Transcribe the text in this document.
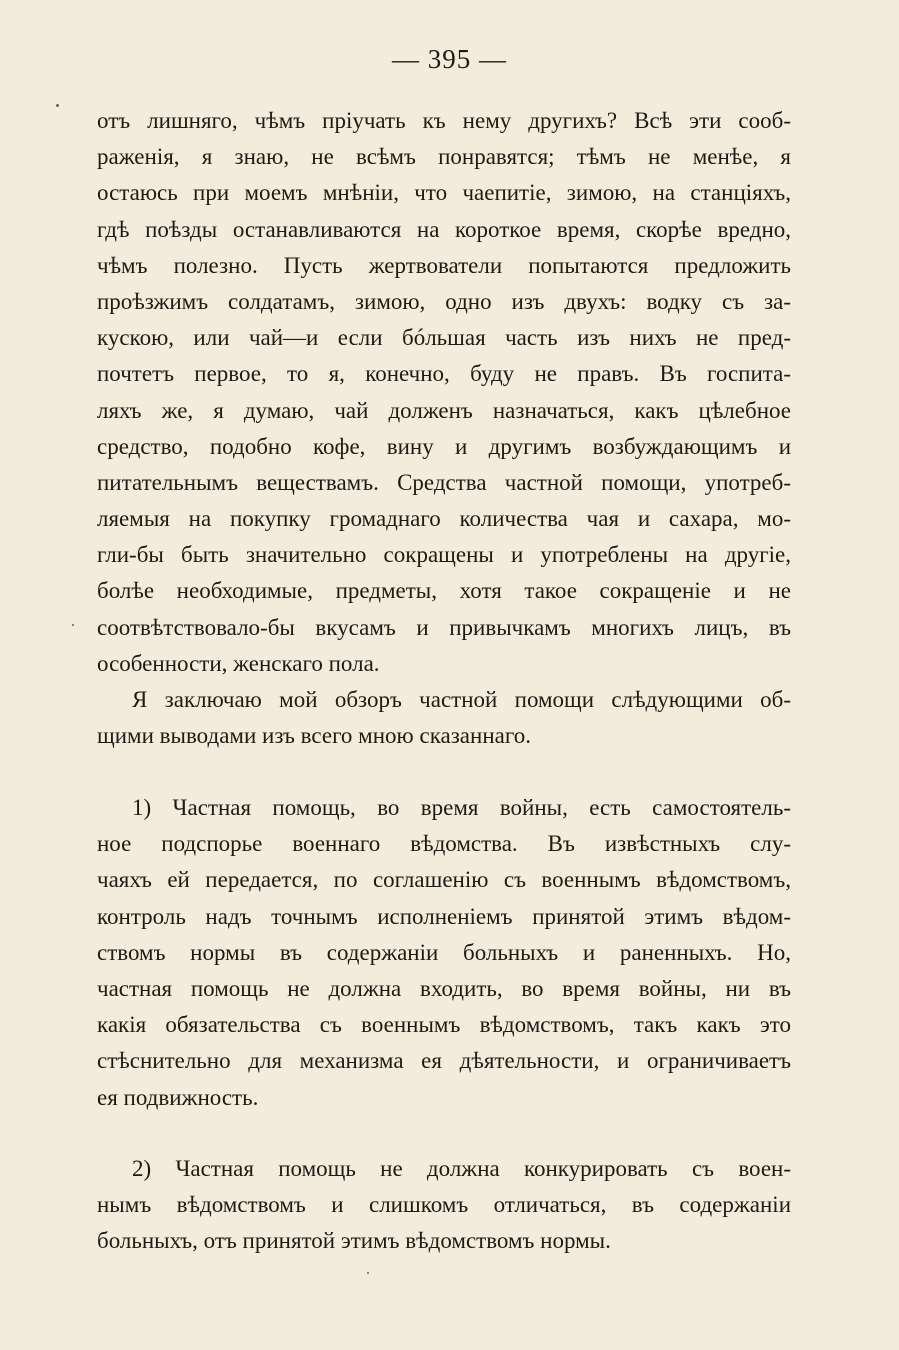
— 395 —
отъ лишняго, чѣмъ пріучать къ нему другихъ? Всѣ эти сооб-
раженія, я знаю, не всѣмъ понравятся; тѣмъ не менѣе, я
остаюсь при моемъ мнѣніи, что чаепитіе, зимою, на станціяхъ,
гдѣ поѣзды останавливаются на короткое время, скорѣе вредно,
чѣмъ полезно. Пусть жертвователи попытаются предложить
проѣзжимъ солдатамъ, зимою, одно изъ двухъ: водку съ за-
кускою, или чай—и если бóльшая часть изъ нихъ не пред-
почтетъ первое, то я, конечно, буду не правъ. Въ госпита-
ляхъ же, я думаю, чай долженъ назначаться, какъ цѣлебное
средство, подобно кофе, вину и другимъ возбуждающимъ и
питательнымъ веществамъ. Средства частной помощи, употреб-
ляемыя на покупку громаднаго количества чая и сахара, мо-
гли-бы быть значительно сокращены и употреблены на другіе,
болѣе необходимые, предметы, хотя такое сокращеніе и не
соотвѣтствовало-бы вкусамъ и привычкамъ многихъ лицъ, въ
особенности, женскаго пола.
Я заключаю мой обзоръ частной помощи слѣдующими об-
щими выводами изъ всего мною сказаннаго.
1) Частная помощь, во время войны, есть самостоятель-
ное подспорье военнаго вѣдомства. Въ извѣстныхъ слу-
чаяхъ ей передается, по соглашенію съ военнымъ вѣдомствомъ,
контроль надъ точнымъ исполненіемъ принятой этимъ вѣдом-
ствомъ нормы въ содержаніи больныхъ и раненныхъ. Но,
частная помощь не должна входить, во время войны, ни въ
какія обязательства съ военнымъ вѣдомствомъ, такъ какъ это
стѣснительно для механизма ея дѣятельности, и ограничиваетъ
ея подвижность.
2) Частная помощь не должна конкурировать съ воен-
нымъ вѣдомствомъ и слишкомъ отличаться, въ содержаніи
больныхъ, отъ принятой этимъ вѣдомствомъ нормы.
